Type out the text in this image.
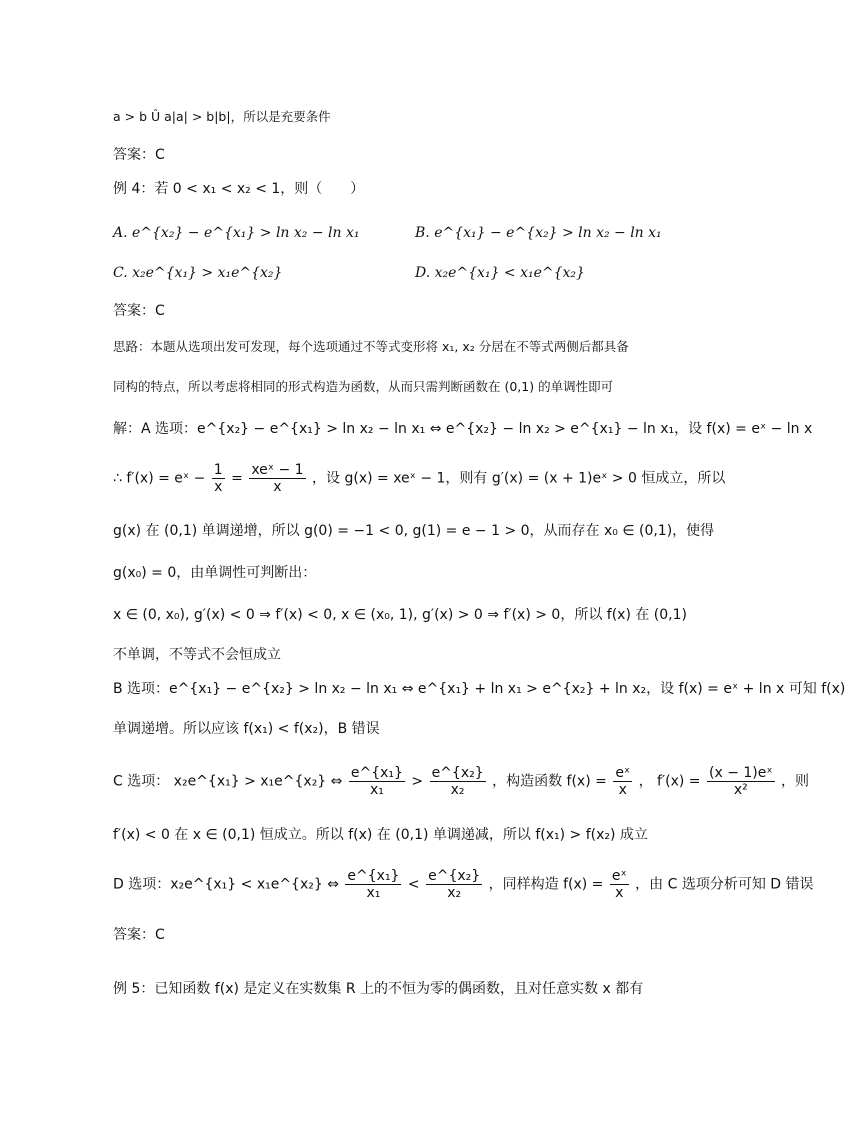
a > b Û a|a| > b|b|，所以是充要条件
答案：C
例 4：若 0 < x₁ < x₂ < 1，则（　　）
A. e^{x₂} − e^{x₁} > ln x₂ − ln x₁	B. e^{x₁} − e^{x₂} > ln x₂ − ln x₁
C. x₂e^{x₁} > x₁e^{x₂}	D. x₂e^{x₁} < x₁e^{x₂}
答案：C
思路：本题从选项出发可发现，每个选项通过不等式变形将 x₁, x₂ 分居在不等式两侧后都具备
同构的特点，所以考虑将相同的形式构造为函数，从而只需判断函数在 (0,1) 的单调性即可
解：A 选项：e^{x₂} − e^{x₁} > ln x₂ − ln x₁ ⇔ e^{x₂} − ln x₂ > e^{x₁} − ln x₁，设 f(x) = eˣ − ln x
∴ f′(x) = eˣ − $\frac{1}{x} = \frac{\text{xeˣ − 1}}{x}$ ，设 g(x) = xeˣ − 1，则有 g′(x) = (x + 1)eˣ > 0 恒成立，所以
g(x) 在 (0,1) 单调递增，所以 g(0) = −1 < 0, g(1) = e − 1 > 0，从而存在 x₀ ∈ (0,1)，使得
g(x₀) = 0，由单调性可判断出：
x ∈ (0, x₀), g′(x) < 0 ⇒ f′(x) < 0, x ∈ (x₀, 1), g′(x) > 0 ⇒ f′(x) > 0，所以 f(x) 在 (0,1)
不单调，不等式不会恒成立
B 选项：e^{x₁} − e^{x₂} > ln x₂ − ln x₁ ⇔ e^{x₁} + ln x₁ > e^{x₂} + ln x₂，设 f(x) = eˣ + ln x 可知 f(x)
单调递增。所以应该 f(x₁) < f(x₂)，B 错误
C 选项： x₂e^{x₁} > x₁e^{x₂} ⇔ $\frac{\text{e\textasciicircum{}\{x₁\}}}{\text{x₁}} > \frac{\text{e\textasciicircum{}\{x₂\}}}{\text{x₂}}$ ，构造函数 $f(x) = \frac{\text{eˣ}}{x}$ ， $f'(x) = \frac{\text{(x − 1)eˣ}}{\text{x²}}$ ，则
f′(x) < 0 在 x ∈ (0,1) 恒成立。所以 f(x) 在 (0,1) 单调递减，所以 f(x₁) > f(x₂) 成立
D 选项：x₂e^{x₁} < x₁e^{x₂} ⇔ $\frac{\text{e\textasciicircum{}\{x₁\}}}{\text{x₁}} < \frac{\text{e\textasciicircum{}\{x₂\}}}{\text{x₂}}$ ，同样构造 $f(x) = \frac{\text{eˣ}}{x}$ ，由 C 选项分析可知 D 错误
答案：C
例 5：已知函数 f(x) 是定义在实数集 R 上的不恒为零的偶函数，且对任意实数 x 都有
